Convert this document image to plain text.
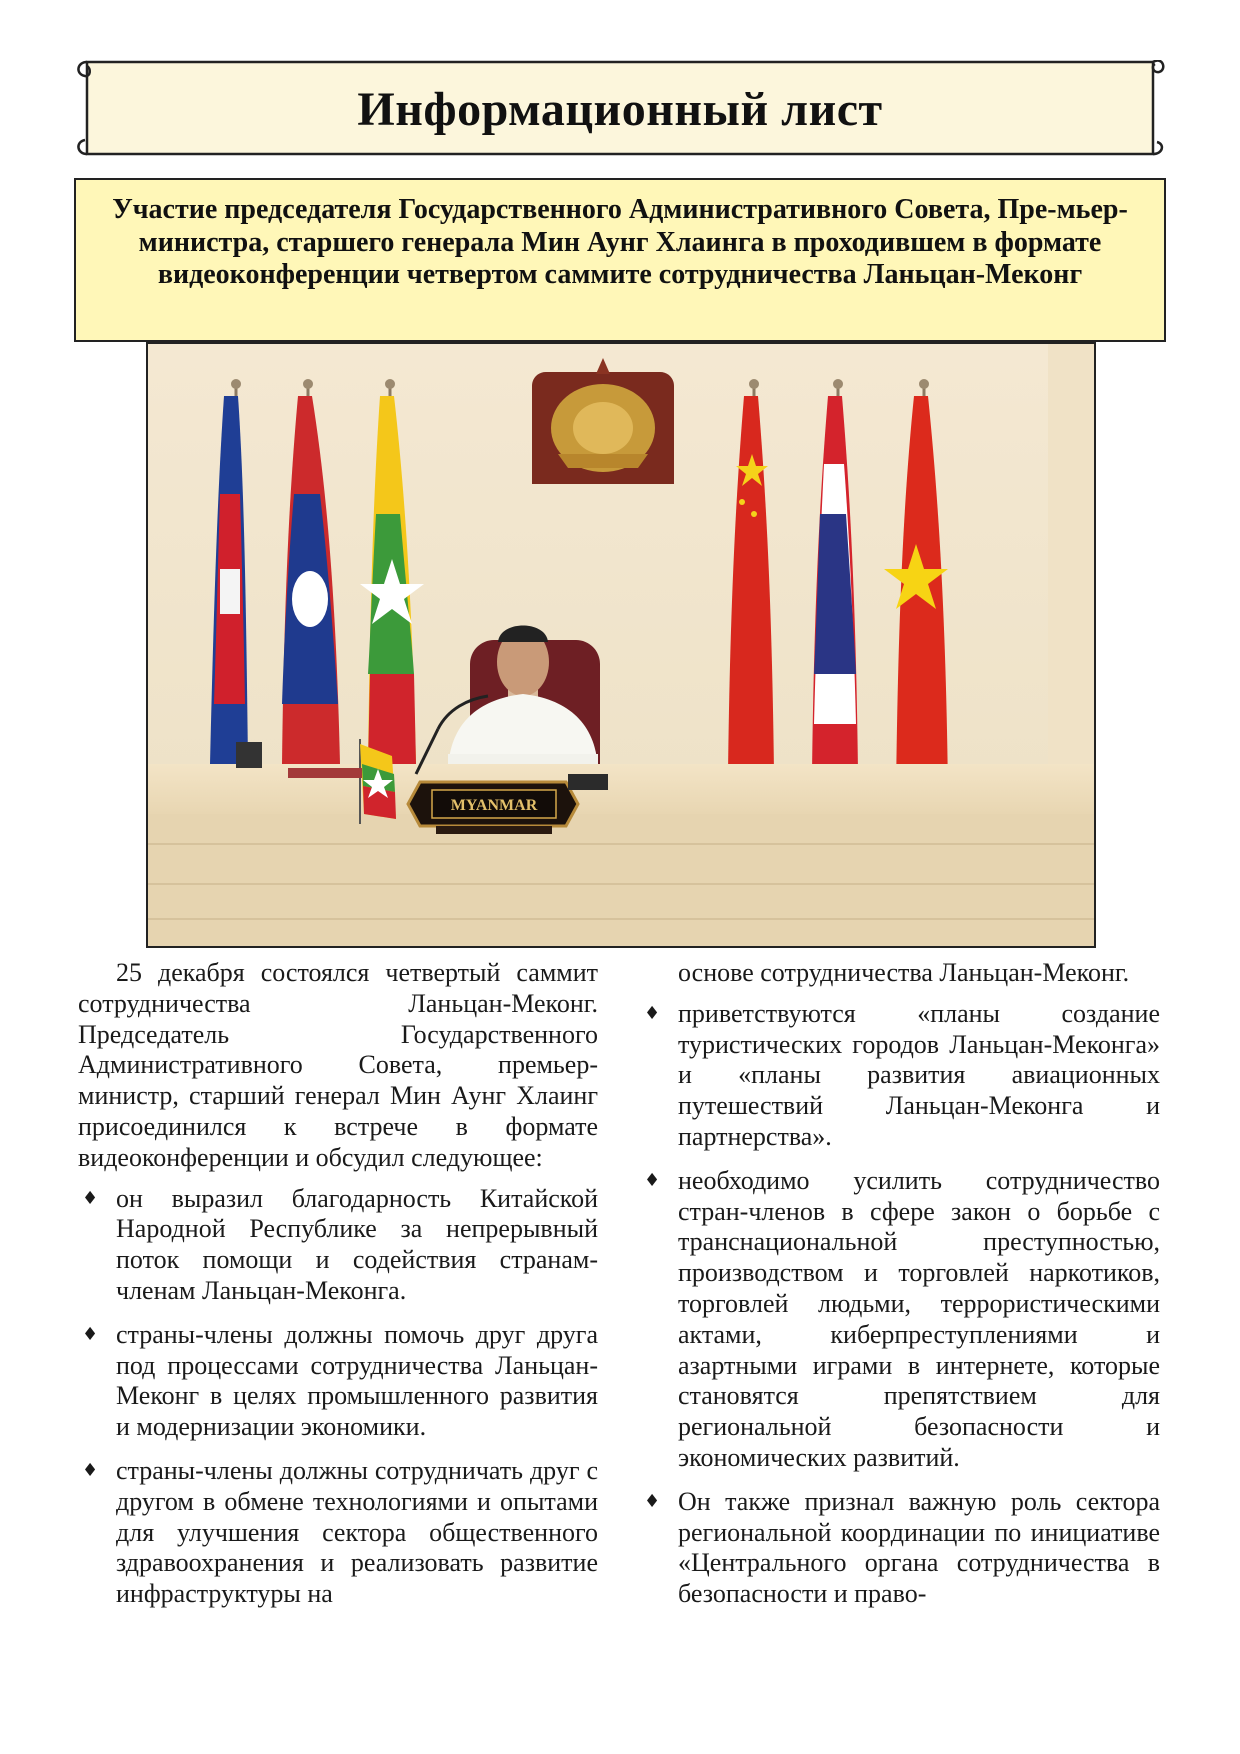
Информационный лист
Участие председателя Государственного Административного Совета, Пре-мьер-министра, старшего генерала Мин Аунг Хлаинга в проходившем в формате видеоконференции четвертом саммите сотрудничества Ланьцан-Меконг
MYANMAR

25 декабря состоялся четвертый саммит сотрудничества Ланьцан-Меконг. Председатель Государственного Административного Совета, премьер-министр, старший генерал Мин Аунг Хлаинг присоединился к встрече в формате видеоконференции и обсудил следующее:

♦ он выразил благодарность Китайской Народной Республике за непрерывный поток помощи и содействия странам-членам Ланьцан-Меконга.
♦ страны-члены должны помочь друг друга под процессами сотрудничества Ланьцан-Меконг в целях промышленного развития и модернизации экономики.
♦ страны-члены должны сотрудничать друг с другом в обмене технологиями и опытами для улучшения сектора общественного здравоохранения и реализовать развитие инфраструктуры на

основе сотрудничества Ланьцан-Меконг.

♦ приветствуются «планы создание туристических городов Ланьцан-Меконга» и «планы развития авиационных путешествий Ланьцан-Меконга и партнерства».
♦ необходимо усилить сотрудничество стран-членов в сфере закон о борьбе с транснациональной преступностью, производством и торговлей наркотиков, торговлей людьми, террористическими актами, киберпреступлениями и азартными играми в интернете, которые становятся препятствием для региональной безопасности и экономических развитий.
♦ Он также признал важную роль сектора региональной координации по инициативе «Центрального органа сотрудничества в безопасности и право-
